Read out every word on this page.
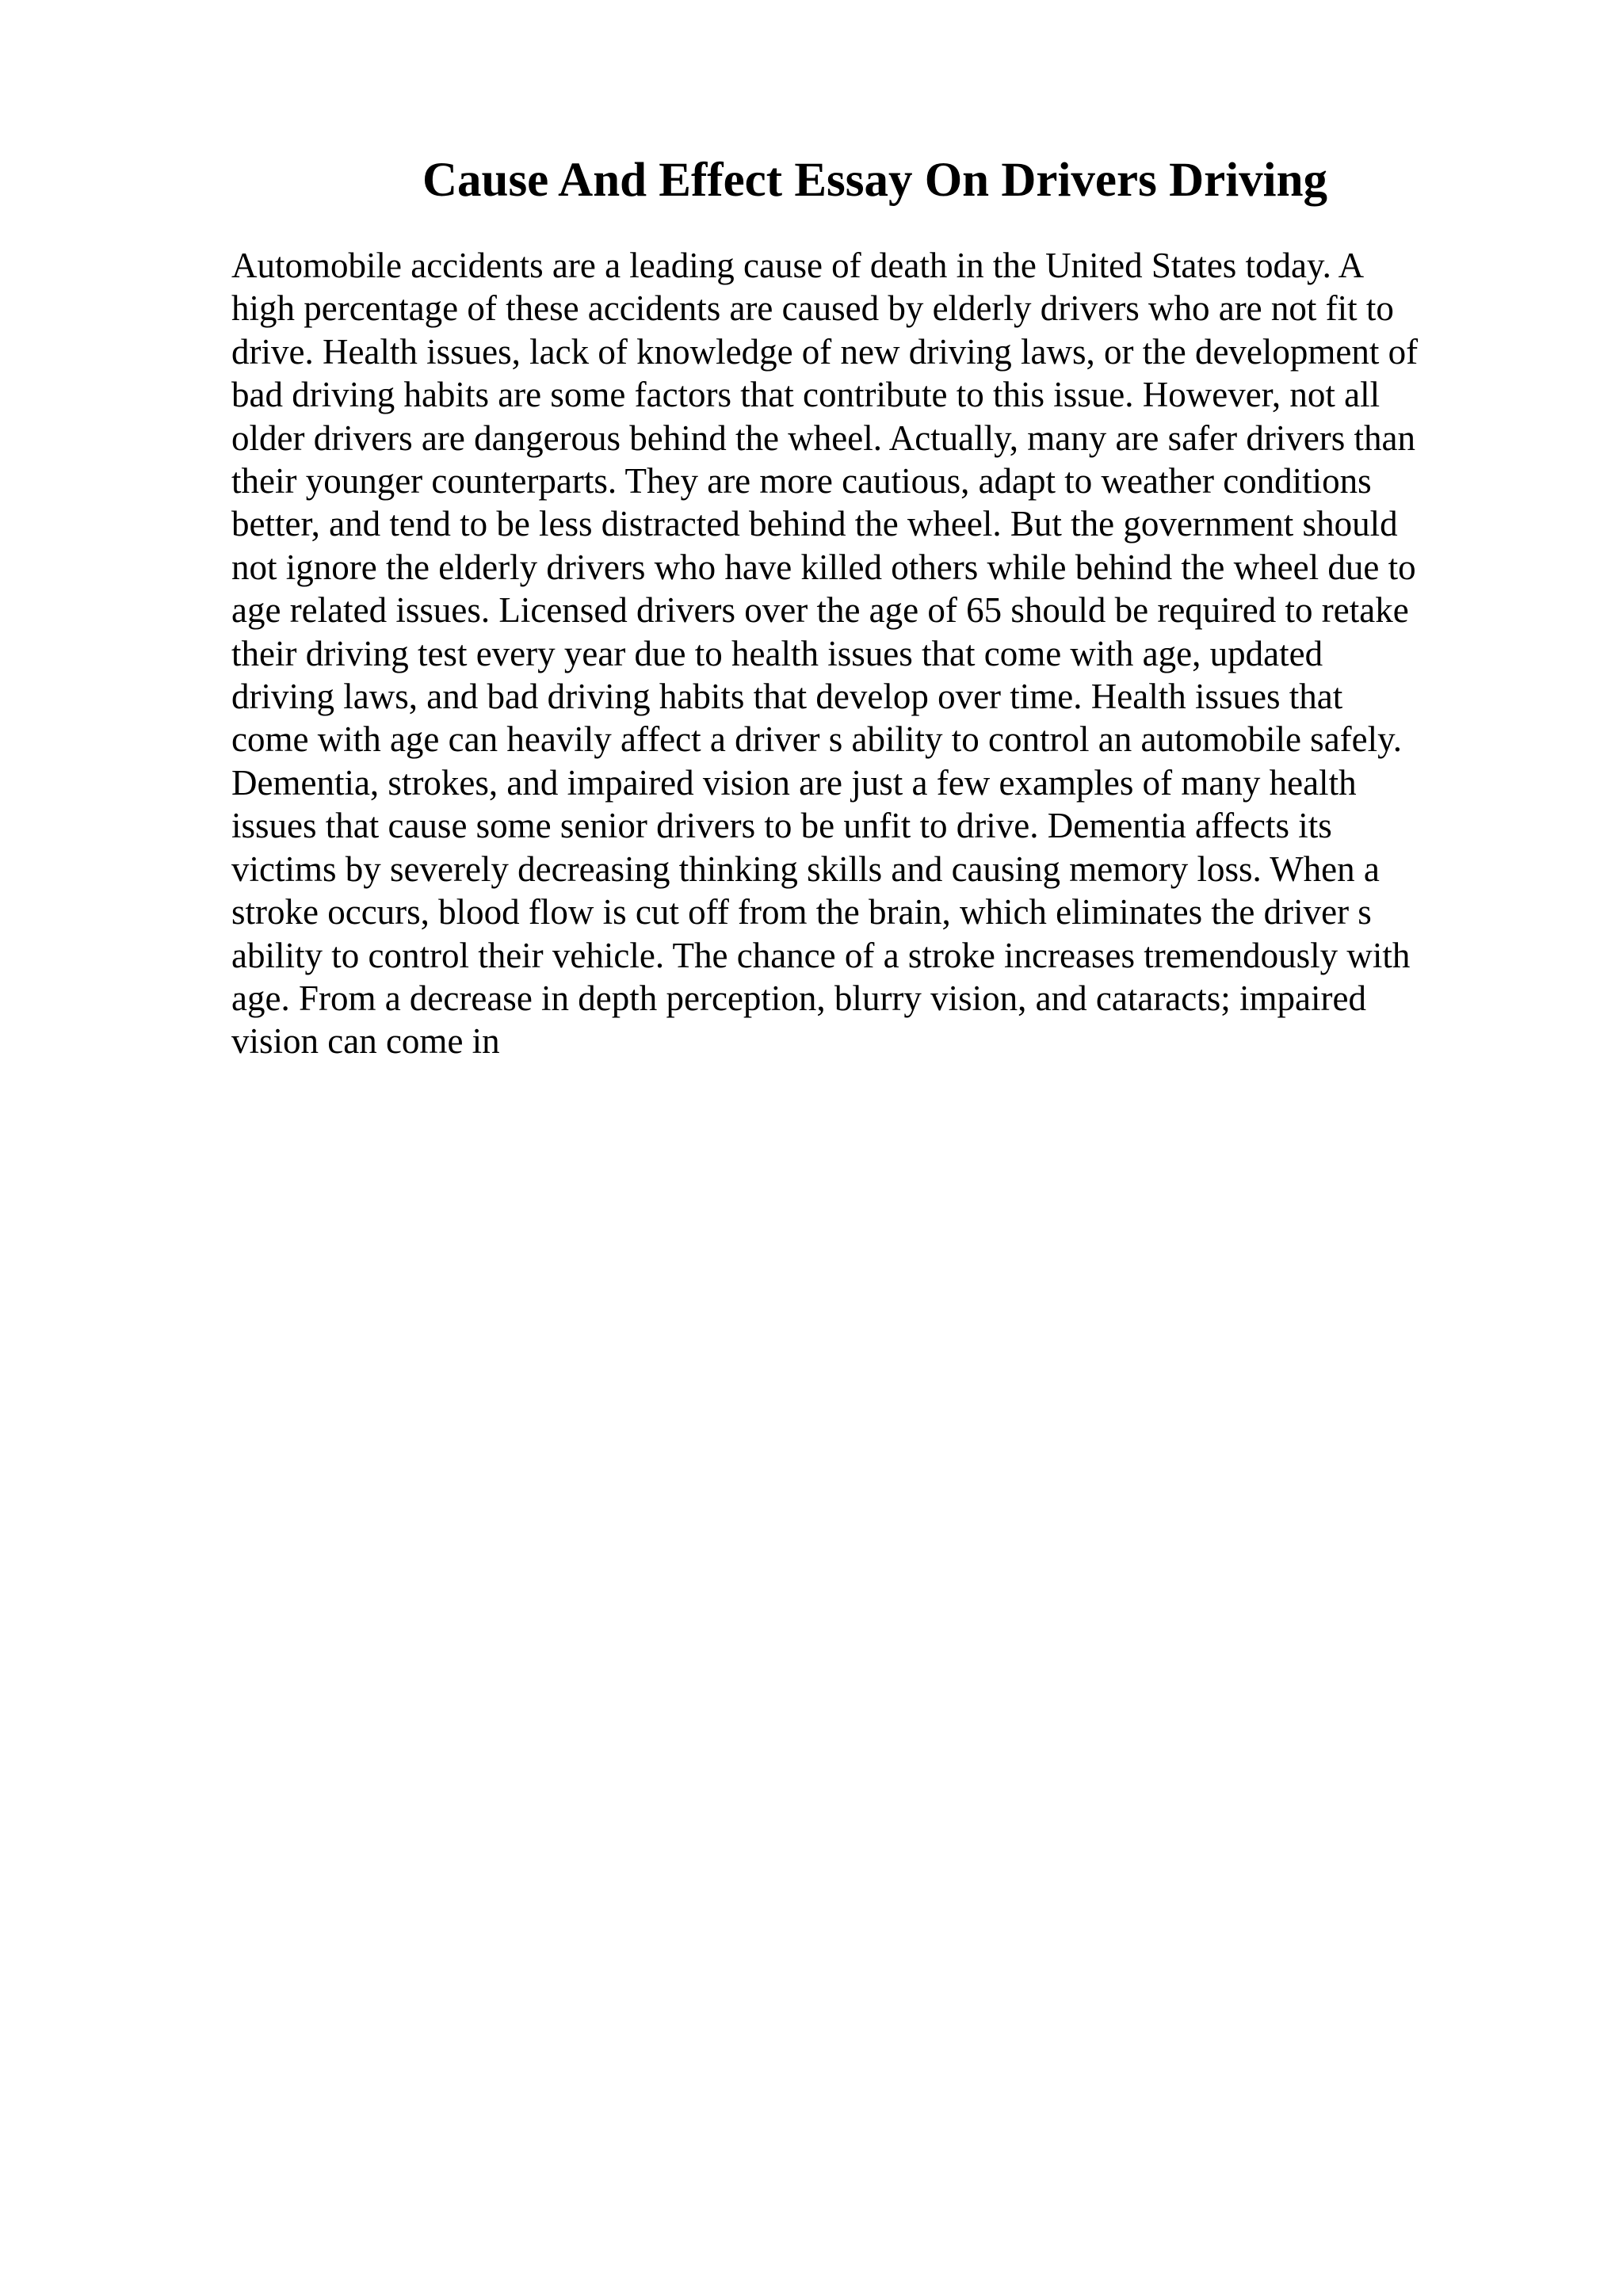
Cause And Effect Essay On Drivers Driving
Automobile accidents are a leading cause of death in the United States today. A
high percentage of these accidents are caused by elderly drivers who are not fit to
drive. Health issues, lack of knowledge of new driving laws, or the development of
bad driving habits are some factors that contribute to this issue. However, not all
older drivers are dangerous behind the wheel. Actually, many are safer drivers than
their younger counterparts. They are more cautious, adapt to weather conditions
better, and tend to be less distracted behind the wheel. But the government should
not ignore the elderly drivers who have killed others while behind the wheel due to
age related issues. Licensed drivers over the age of 65 should be required to retake
their driving test every year due to health issues that come with age, updated
driving laws, and bad driving habits that develop over time. Health issues that
come with age can heavily affect a driver s ability to control an automobile safely.
Dementia, strokes, and impaired vision are just a few examples of many health
issues that cause some senior drivers to be unfit to drive. Dementia affects its
victims by severely decreasing thinking skills and causing memory loss. When a
stroke occurs, blood flow is cut off from the brain, which eliminates the driver s
ability to control their vehicle. The chance of a stroke increases tremendously with
age. From a decrease in depth perception, blurry vision, and cataracts; impaired
vision can come in
